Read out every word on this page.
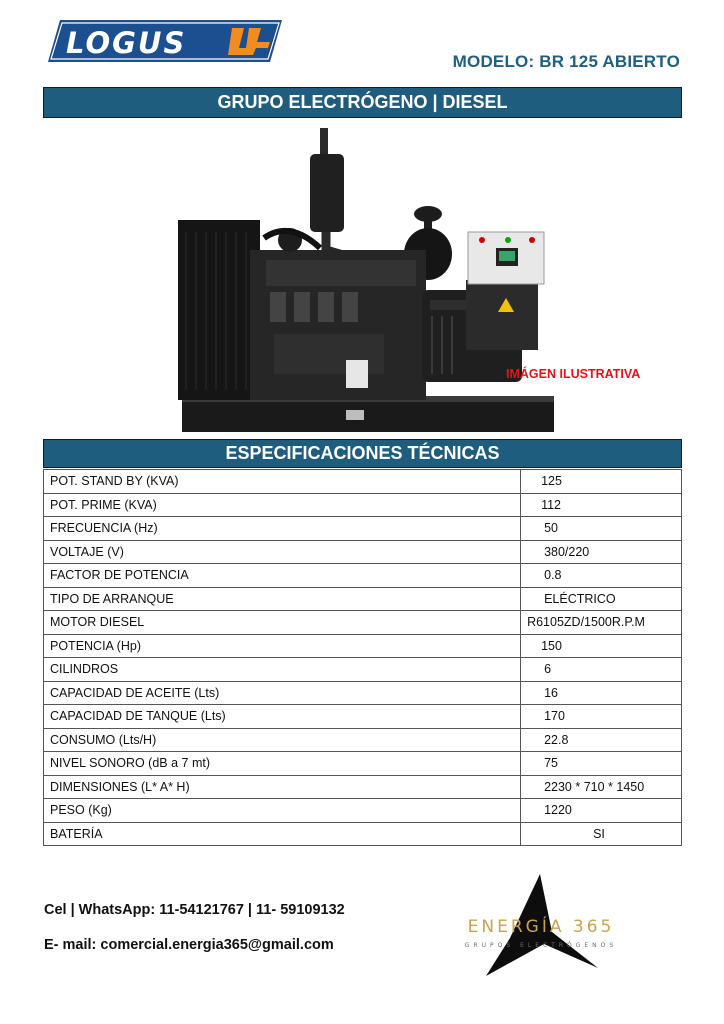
LOGUS
MODELO: BR 125 ABIERTO
GRUPO ELECTRÓGENO | DIESEL
IMÁGEN ILUSTRATIVA
ESPECIFICACIONES TÉCNICAS
POT. STAND BY (KVA)	125
POT. PRIME (KVA)	112
FRECUENCIA (Hz)	50
VOLTAJE (V)	380/220
FACTOR DE POTENCIA	0.8
TIPO DE ARRANQUE	ELÉCTRICO
MOTOR DIESEL	R6105ZD/1500R.P.M
POTENCIA (Hp)	150
CILINDROS	6
CAPACIDAD DE ACEITE (Lts)	16
CAPACIDAD DE TANQUE (Lts)	170
CONSUMO (Lts/H)	22.8
NIVEL SONORO (dB a 7 mt)	75
DIMENSIONES (L* A* H)	2230 * 710 * 1450
PESO (Kg)	1220
BATERÍA	SI
Cel | WhatsApp: 11-54121767 | 11- 59109132
E- mail: comercial.energia365@gmail.com
ENERGÍA 365
GRUPOS ELECTRÓGENOS
